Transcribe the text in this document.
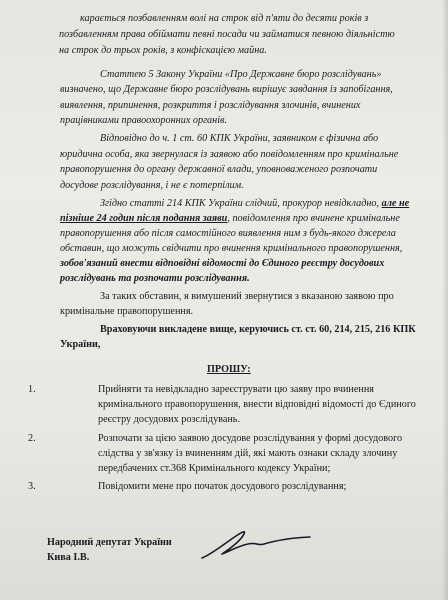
карається позбавленням волі на строк від п'яти до десяти років з
позбавленням права обіймати певні посади чи займатися певною діяльністю
на строк до трьох років, з конфіскацією майна.
Статтею 5 Закону України «Про Державне бюро розслідувань»
визначено, що Державне бюро розслідувань вирішує завдання із запобігання,
виявлення, припинення, розкриття і розслідування злочинів, вчинених
працівниками правоохоронних органів.
Відповідно до ч. 1 ст. 60 КПК України, заявником є фізична або
юридична особа, яка звернулася із заявою або повідомленням про кримінальне
правопорушення до органу державної влади, уповноваженого розпочати
досудове розслідування, і не є потерпілим.
Згідно статті 214 КПК України слідчий, прокурор невідкладно, але не
пізніше 24 годин після подання заяви, повідомлення про вчинене кримінальне
правопорушення або після самостійного виявлення ним з будь-якого джерела
обставин, що можуть свідчити про вчинення кримінального правопорушення,
зобов'язаний внести відповідні відомості до Єдиного реєстру досудових
розслідувань та розпочати розслідування.
За таких обставин, я вимушений звернутися з вказаною заявою про
кримінальне правопорушення.
Враховуючи викладене вище, керуючись ст. ст. 60, 214, 215, 216 КПК
України,
ПРОШУ:
1.	Прийняти та невідкладно зареєструвати цю заяву про вчинення
кримінального правопорушення, внести відповідні відомості до Єдиного
реєстру досудових розслідувань.
2.	Розпочати за цією заявою досудове розслідування у формі досудового
слідства у зв'язку із вчиненням дій, які мають ознаки складу злочину
передбачених ст.368 Кримінального кодексу України;
3.	Повідомити мене про початок досудового розслідування;
Народний депутат України
Кива І.В.
